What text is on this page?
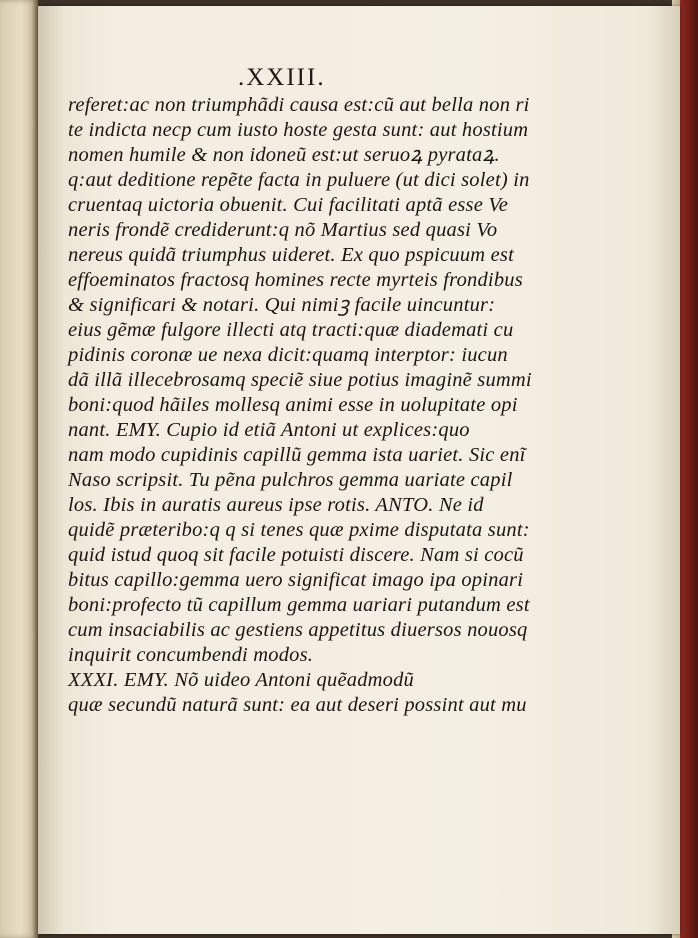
.XXIII.
referet:ac non triumphãdi causa est:cũ aut bella non ri
te indicta necp cum iusto hoste gesta sunt: aut hostium
nomen humile & non idoneũ est:ut seruoꝝ pyrataꝝ.
q:aut deditione repẽte facta in puluere (ut dici solet) in
cruentaq uictoria obuenit. Cui facilitati aptã esse Ve
neris frondẽ crediderunt:q nõ Martius sed quasi Vo
nereus quidã triumphus uideret. Ex quo pspicuum est
effoeminatos fractosq homines recte myrteis frondibus
& significari & notari. Qui nimiꝫ facile uincuntur:
eius gẽmæ fulgore illecti atq tracti:quæ diademati cu
pidinis coronæ ue nexa dicit:quamq interptor: iucun
dã illã illecebrosamq speciẽ siue potius imaginẽ summi
boni:quod hãiles mollesq animi esse in uolupitate opi
nant. EMY. Cupio id etiã Antoni ut explices:quo
nam modo cupidinis capillũ gemma ista uariet. Sic enĩ
Naso scripsit. Tu pẽna pulchros gemma uariate capil
los. Ibis in auratis aureus ipse rotis. ANTO. Ne id
quidẽ præteribo:q q si tenes quæ pxime disputata sunt:
quid istud quoq sit facile potuisti discere. Nam si cocũ
bitus capillo:gemma uero significat imago ipa opinari
boni:profecto tũ capillum gemma uariari putandum est
cum insaciabilis ac gestiens appetitus diuersos nouosq
inquirit concumbendi modos.
XXXI. EMY. Nõ uideo Antoni quẽadmodũ
quæ secundũ naturã sunt: ea aut deseri possint aut mu
